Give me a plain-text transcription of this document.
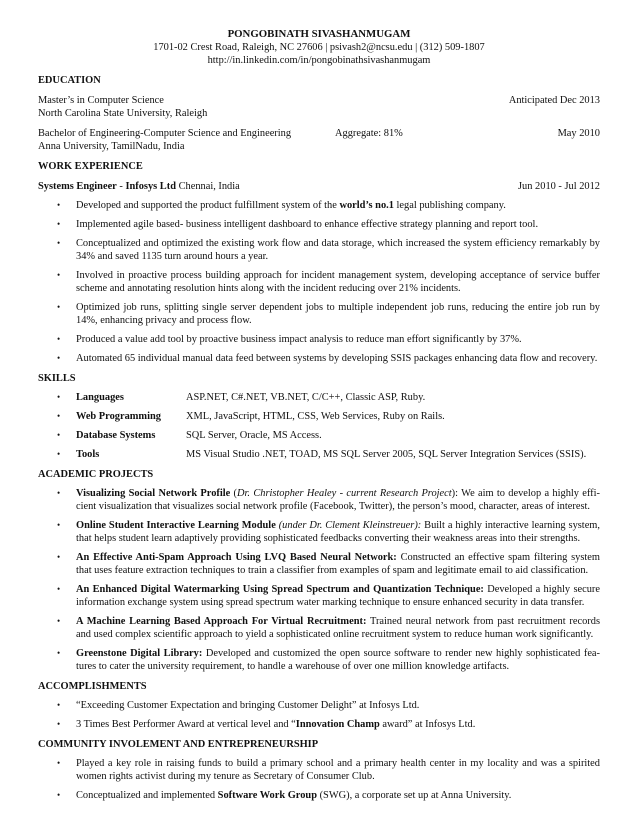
PONGOBINATH SIVASHANMUGAM
1701-02 Crest Road, Raleigh, NC 27606 | psivash2@ncsu.edu | (312) 509-1807
http://in.linkedin.com/in/pongobinathsivashanmugam
EDUCATION
Master’s in Computer Science	Anticipated Dec 2013
North Carolina State University, Raleigh
Bachelor of Engineering-Computer Science and Engineering	Aggregate: 81%	May 2010
Anna University, TamilNadu, India
WORK EXPERIENCE
Systems Engineer - Infosys Ltd Chennai, India	Jun 2010 - Jul 2012
• Developed and supported the product fulfillment system of the world’s no.1 legal publishing company.
• Implemented agile based- business intelligent dashboard to enhance effective strategy planning and report tool.
• Conceptualized and optimized the existing work flow and data storage, which increased the system efficiency remarkably by 34% and saved 1135 turn around hours a year.
• Involved in proactive process building approach for incident management system, developing acceptance of service buffer scheme and annotating resolution hints along with the incident reducing over 21% incidents.
• Optimized job runs, splitting single server dependent jobs to multiple independent job runs, reducing the entire job run by 14%, enhancing privacy and process flow.
• Produced a value add tool by proactive business impact analysis to reduce man effort significantly by 37%.
• Automated 65 individual manual data feed between systems by developing SSIS packages enhancing data flow and recovery.
SKILLS
• Languages	ASP.NET, C#.NET, VB.NET, C/C++, Classic ASP, Ruby.
• Web Programming	XML, JavaScript, HTML, CSS, Web Services, Ruby on Rails.
• Database Systems	SQL Server, Oracle, MS Access.
• Tools	MS Visual Studio .NET, TOAD, MS SQL Server 2005, SQL Server Integration Services (SSIS).
ACADEMIC PROJECTS
• Visualizing Social Network Profile (Dr. Christopher Healey - current Research Project): We aim to develop a highly effi-cient visualization that visualizes social network profile (Facebook, Twitter), the person’s mood, character, areas of interest.
• Online Student Interactive Learning Module (under Dr. Clement Kleinstreuer): Built a highly interactive learning system, that helps student learn adaptively providing sophisticated feedbacks converting their weakness areas into their strengths.
• An Effective Anti-Spam Approach Using LVQ Based Neural Network: Constructed an effective spam filtering system that uses feature extraction techniques to train a classifier from examples of spam and legitimate email to aid classification.
• An Enhanced Digital Watermarking Using Spread Spectrum and Quantization Technique: Developed a highly secure information exchange system using spread spectrum water marking technique to ensure enhanced security in data transfer.
• A Machine Learning Based Approach For Virtual Recruitment: Trained neural network from past recruitment records and used complex scientific approach to yield a sophisticated online recruitment system to reduce human work significantly.
• Greenstone Digital Library: Developed and customized the open source software to render new highly sophisticated fea-tures to cater the university requirement, to handle a warehouse of over one million knowledge artifacts.
ACCOMPLISHMENTS
• “Exceeding Customer Expectation and bringing Customer Delight” at Infosys Ltd.
• 3 Times Best Performer Award at vertical level and “Innovation Champ award” at Infosys Ltd.
COMMUNITY INVOLEMENT AND ENTREPRENEURSHIP
• Played a key role in raising funds to build a primary school and a primary health center in my locality and was a spirited women rights activist during my tenure as Secretary of Consumer Club.
• Conceptualized and implemented Software Work Group (SWG), a corporate set up at Anna University.
